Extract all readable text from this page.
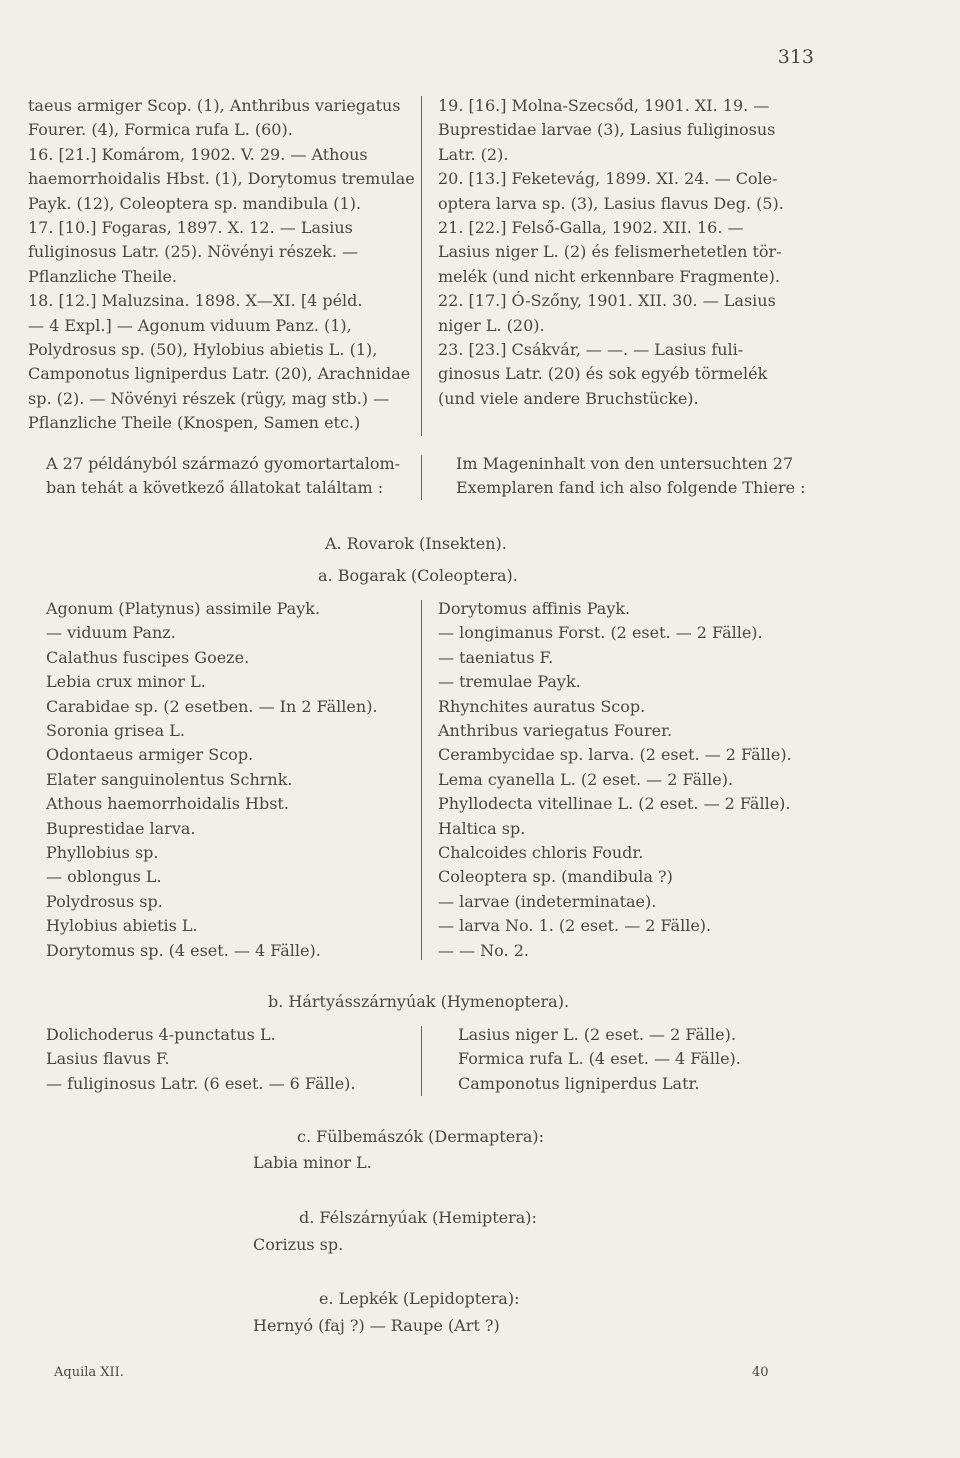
313
taeus armiger Scop. (1), Anthribus variegatus
Fourer. (4), Formica rufa L. (60).
16. [21.] Komárom, 1902. V. 29. — Athous
haemorrhoidalis Hbst. (1), Dorytomus tremulae
Payk. (12), Coleoptera sp. mandibula (1).
17. [10.] Fogaras, 1897. X. 12. — Lasius
fuliginosus Latr. (25). Növényi részek. —
Pflanzliche Theile.
18. [12.] Maluzsina. 1898. X—XI. [4 péld.
— 4 Expl.] — Agonum viduum Panz. (1),
Polydrosus sp. (50), Hylobius abietis L. (1),
Camponotus ligniperdus Latr. (20), Arachnidae
sp. (2). — Növényi részek (rügy, mag stb.) —
Pflanzliche Theile (Knospen, Samen etc.)
19. [16.] Molna-Szecsőd, 1901. XI. 19. —
Buprestidae larvae (3), Lasius fuliginosus
Latr. (2).
20. [13.] Feketevág, 1899. XI. 24. — Cole-
optera larva sp. (3), Lasius flavus Deg. (5).
21. [22.] Felső-Galla, 1902. XII. 16. —
Lasius niger L. (2) és felismerhetetlen tör-
melék (und nicht erkennbare Fragmente).
22. [17.] Ó-Szőny, 1901. XII. 30. — Lasius
niger L. (20).
23. [23.] Csákvár, — —. — Lasius fuli-
ginosus Latr. (20) és sok egyéb törmelék
(und viele andere Bruchstücke).
A 27 példányból származó gyomortartalom-
ban tehát a következő állatokat találtam :
Im Mageninhalt von den untersuchten 27
Exemplaren fand ich also folgende Thiere :
A. Rovarok (Insekten).
a. Bogarak (Coleoptera).
Agonum (Platynus) assimile Payk.
— viduum Panz.
Calathus fuscipes Goeze.
Lebia crux minor L.
Carabidae sp. (2 esetben. — In 2 Fällen).
Soronia grisea L.
Odontaeus armiger Scop.
Elater sanguinolentus Schrnk.
Athous haemorrhoidalis Hbst.
Buprestidae larva.
Phyllobius sp.
— oblongus L.
Polydrosus sp.
Hylobius abietis L.
Dorytomus sp. (4 eset. — 4 Fälle).
Dorytomus affinis Payk.
— longimanus Forst. (2 eset. — 2 Fälle).
— taeniatus F.
— tremulae Payk.
Rhynchites auratus Scop.
Anthribus variegatus Fourer.
Cerambycidae sp. larva. (2 eset. — 2 Fälle).
Lema cyanella L. (2 eset. — 2 Fälle).
Phyllodecta vitellinae L. (2 eset. — 2 Fälle).
Haltica sp.
Chalcoides chloris Foudr.
Coleoptera sp. (mandibula ?)
— larvae (indeterminatae).
— larva No. 1. (2 eset. — 2 Fälle).
— — No. 2.
b. Hártyásszárnyúak (Hymenoptera).
Dolichoderus 4-punctatus L.
Lasius flavus F.
— fuliginosus Latr. (6 eset. — 6 Fälle).
Lasius niger L. (2 eset. — 2 Fälle).
Formica rufa L. (4 eset. — 4 Fälle).
Camponotus ligniperdus Latr.
c. Fülbemászók (Dermaptera):
Labia minor L.
d. Félszárnyúak (Hemiptera):
Corizus sp.
e. Lepkék (Lepidoptera):
Hernyó (faj ?) — Raupe (Art ?)
Aquila XII.	40
